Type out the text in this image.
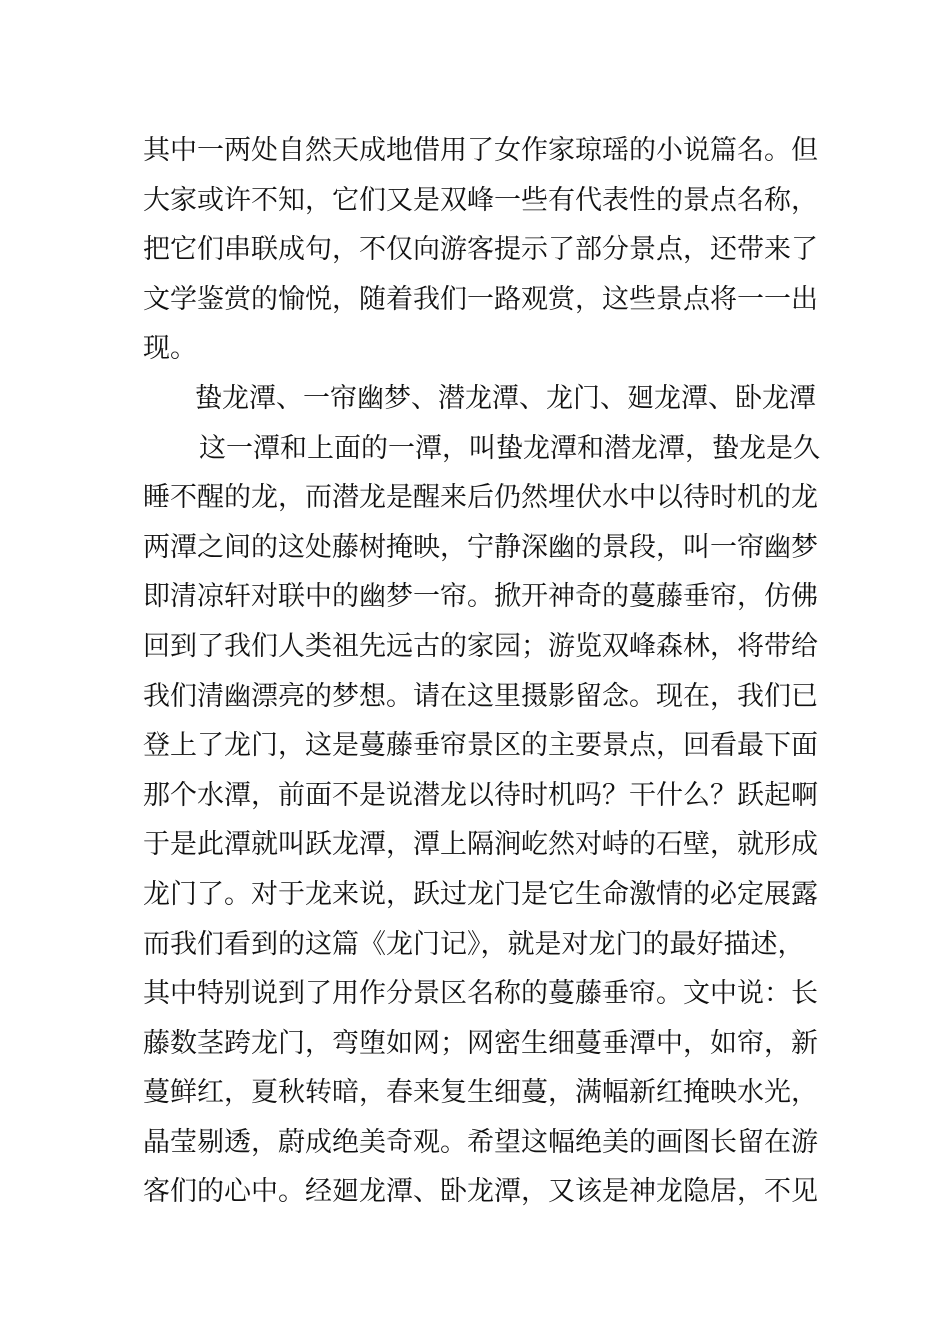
其中一两处自然天成地借用了女作家琼瑶的小说篇名。但
大家或许不知，它们又是双峰一些有代表性的景点名称，
把它们串联成句，不仅向游客提示了部分景点，还带来了
文学鉴赏的愉悦，随着我们一路观赏，这些景点将一一出
现。
蛰龙潭、一帘幽梦、潜龙潭、龙门、廻龙潭、卧龙潭
这一潭和上面的一潭，叫蛰龙潭和潜龙潭，蛰龙是久
睡不醒的龙，而潜龙是醒来后仍然埋伏水中以待时机的龙
两潭之间的这处藤树掩映，宁静深幽的景段，叫一帘幽梦
即清凉轩对联中的幽梦一帘。掀开神奇的蔓藤垂帘，仿佛
回到了我们人类祖先远古的家园；游览双峰森林，将带给
我们清幽漂亮的梦想。请在这里摄影留念。现在，我们已
登上了龙门，这是蔓藤垂帘景区的主要景点，回看最下面
那个水潭，前面不是说潜龙以待时机吗？干什么？跃起啊
于是此潭就叫跃龙潭，潭上隔涧屹然对峙的石壁，就形成
龙门了。对于龙来说，跃过龙门是它生命激情的必定展露
而我们看到的这篇《龙门记》，就是对龙门的最好描述，
其中特别说到了用作分景区名称的蔓藤垂帘。文中说：长
藤数茎跨龙门，弯堕如网；网密生细蔓垂潭中，如帘，新
蔓鲜红，夏秋转暗，春来复生细蔓，满幅新红掩映水光，
晶莹剔透，蔚成绝美奇观。希望这幅绝美的画图长留在游
客们的心中。经廻龙潭、卧龙潭，又该是神龙隐居，不见
